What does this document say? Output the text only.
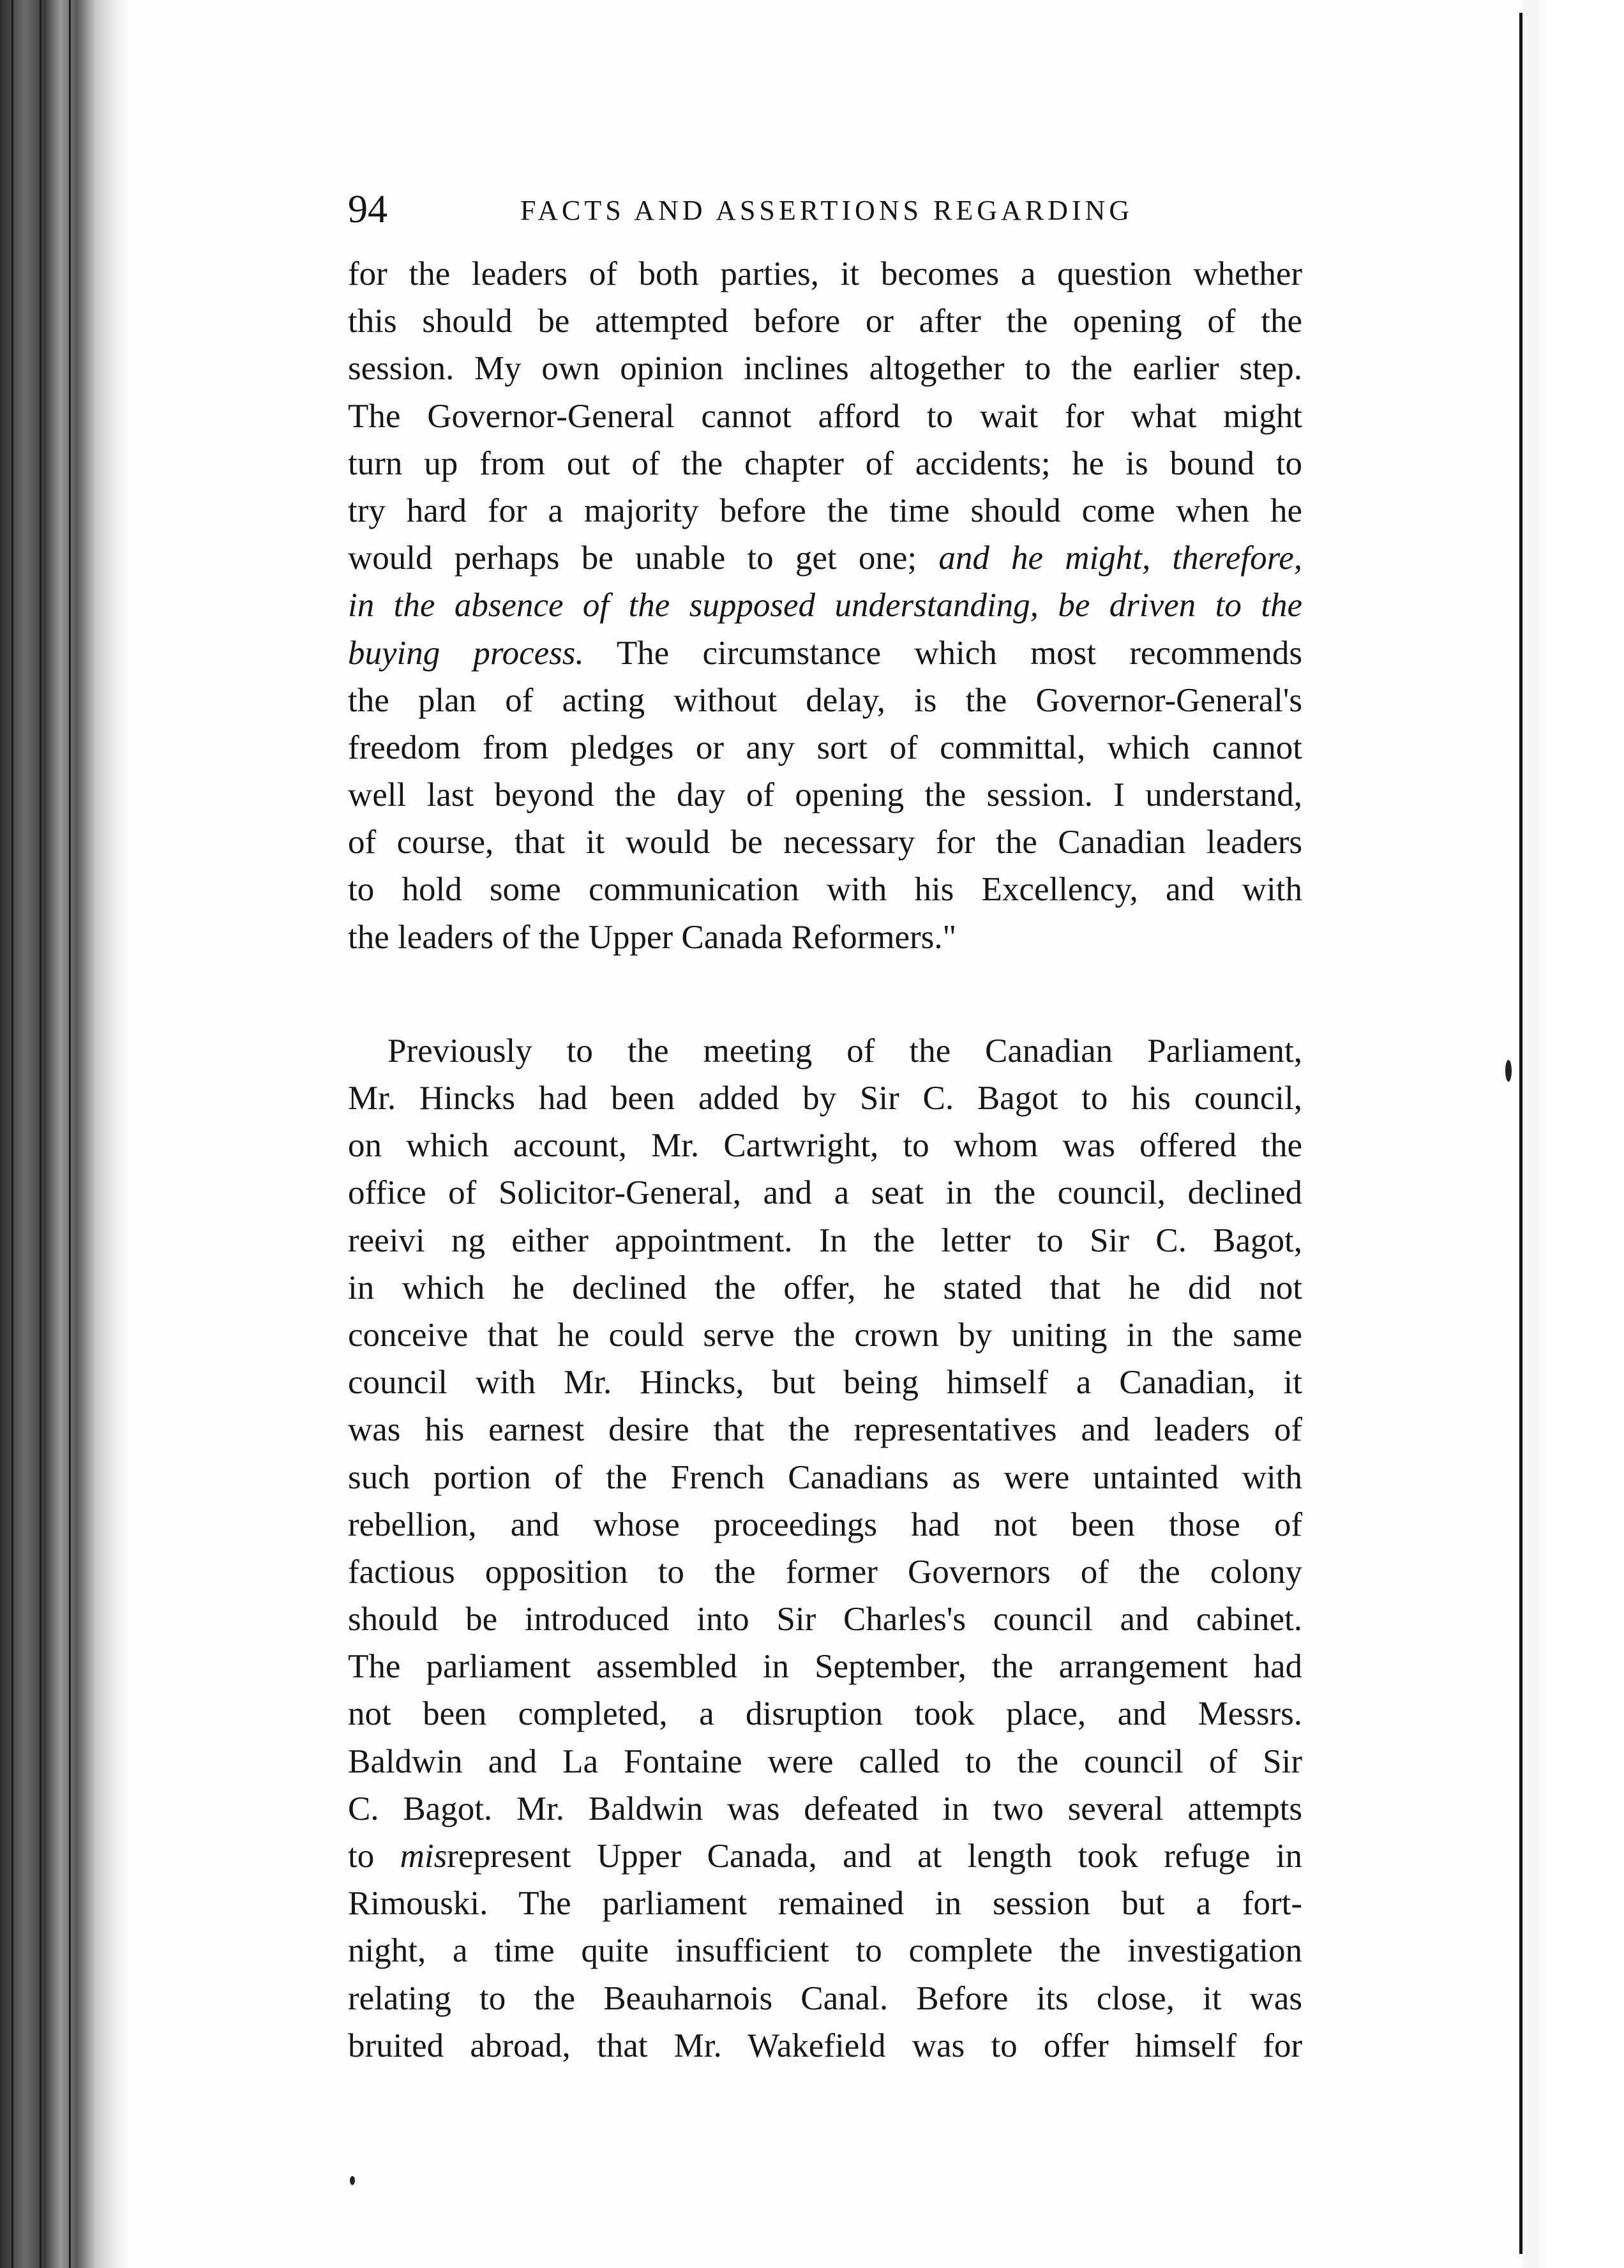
94	FACTS AND ASSERTIONS REGARDING
for the leaders of both parties, it becomes a question whether
this should be attempted before or after the opening of the
session. My own opinion inclines altogether to the earlier step.
The Governor-General cannot afford to wait for what might
turn up from out of the chapter of accidents; he is bound to
try hard for a majority before the time should come when he
would perhaps be unable to get one; and he might, therefore,
in the absence of the supposed understanding, be driven to the
buying process. The circumstance which most recommends
the plan of acting without delay, is the Governor-General's
freedom from pledges or any sort of committal, which cannot
well last beyond the day of opening the session. I understand,
of course, that it would be necessary for the Canadian leaders
to hold some communication with his Excellency, and with
the leaders of the Upper Canada Reformers."
Previously to the meeting of the Canadian Parliament,
Mr. Hincks had been added by Sir C. Bagot to his council,
on which account, Mr. Cartwright, to whom was offered the
office of Solicitor-General, and a seat in the council, declined
reeivi ng either appointment. In the letter to Sir C. Bagot,
in which he declined the offer, he stated that he did not
conceive that he could serve the crown by uniting in the same
council with Mr. Hincks, but being himself a Canadian, it
was his earnest desire that the representatives and leaders of
such portion of the French Canadians as were untainted with
rebellion, and whose proceedings had not been those of
factious opposition to the former Governors of the colony
should be introduced into Sir Charles's council and cabinet.
The parliament assembled in September, the arrangement had
not been completed, a disruption took place, and Messrs.
Baldwin and La Fontaine were called to the council of Sir
C. Bagot. Mr. Baldwin was defeated in two several attempts
to misrepresent Upper Canada, and at length took refuge in
Rimouski. The parliament remained in session but a fort-
night, a time quite insufficient to complete the investigation
relating to the Beauharnois Canal. Before its close, it was
bruited abroad, that Mr. Wakefield was to offer himself for
